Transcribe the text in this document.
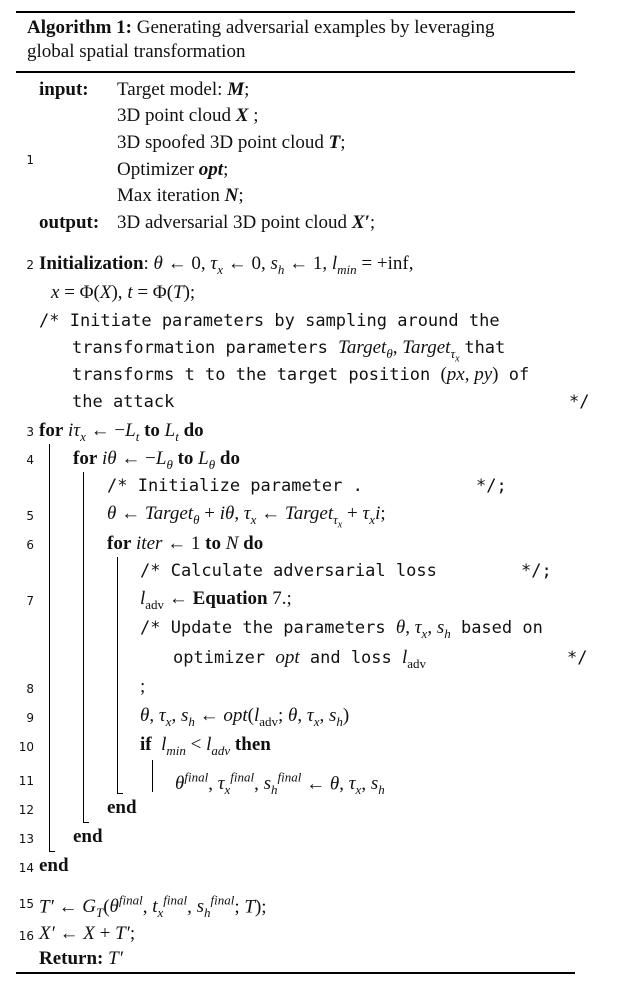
Algorithm 1: Generating adversarial examples by leveraging
global spatial transformation
1
input: Target model: M;
3D point cloud X ;
3D spoofed 3D point cloud T;
Optimizer opt;
Max iteration N;
output: 3D adversarial 3D point cloud X′;
2 Initialization: θ ← 0, $\tau_x$ ← 0, $s_h$ ← 1, $l_{min} = +inf$,
x = Φ(X), t = Φ(T);
/* Initiate parameters by sampling around the
transformation parameters Target$_\theta$, Target$_{\tau_x}$ that
transforms t to the target position (px, py) of
the attack	*/
3 for $i\tau_x$ ← $-L_t$ to $L_t$ do
4 for iθ ← $-L_\theta$ to $L_\theta$ do
/* Initialize parameter .	*/;
5	θ ← Target$_\theta$ + iθ, $\tau_x$ ← Target$_{\tau_x}$ + $\tau_xi$;
6	for iter ← 1 to N do
/* Calculate adversarial loss	*/;
7	$l_{adv}$ ← Equation 7.;
/* Update the parameters θ, $\tau_x$, $s_h$ based on
optimizer opt and loss $l_{adv}$	*/
8	;
9	θ, $\tau_x$, $s_h$ ← $opt(l_{adv}$; θ, $\tau_x$, $s_h$)
10	if $l_{min} < l_{adv}$ then
11	$\theta^{final}$, $\tau_x^{final}$, $s_h^{final}$ ← θ, $\tau_x$, $s_h$
12	end
13 end
14 end
15 T′ ← $G_T(\theta^{final}$, $t_x^{final}$, $s_h^{final}$; T);
16 X′ ← X + T′;
Return: T′
